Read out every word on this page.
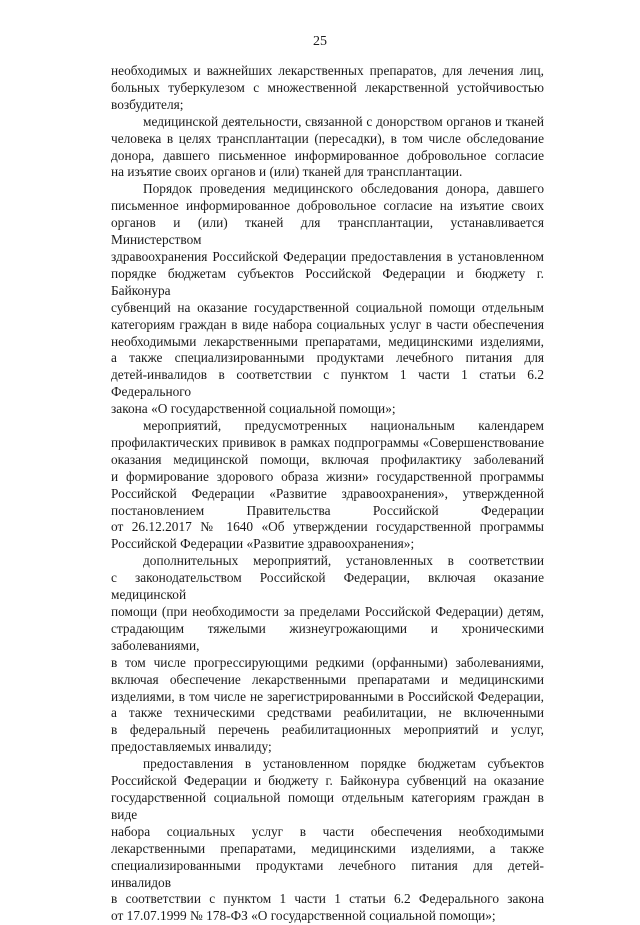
25
необходимых и важнейших лекарственных препаратов, для лечения лиц,
больных туберкулезом с множественной лекарственной устойчивостью
возбудителя;
медицинской деятельности, связанной с донорством органов и тканей
человека в целях трансплантации (пересадки), в том числе обследование
донора, давшего письменное информированное добровольное согласие
на изъятие своих органов и (или) тканей для трансплантации.
Порядок проведения медицинского обследования донора, давшего
письменное информированное добровольное согласие на изъятие своих
органов и (или) тканей для трансплантации, устанавливается Министерством
здравоохранения Российской Федерации предоставления в установленном
порядке бюджетам субъектов Российской Федерации и бюджету г. Байконура
субвенций на оказание государственной социальной помощи отдельным
категориям граждан в виде набора социальных услуг в части обеспечения
необходимыми лекарственными препаратами, медицинскими изделиями,
а также специализированными продуктами лечебного питания для
детей-инвалидов в соответствии с пунктом 1 части 1 статьи 6.2 Федерального
закона «О государственной социальной помощи»;
мероприятий, предусмотренных национальным календарем
профилактических прививок в рамках подпрограммы «Совершенствование
оказания медицинской помощи, включая профилактику заболеваний
и формирование здорового образа жизни» государственной программы
Российской Федерации «Развитие здравоохранения», утвержденной
постановлением Правительства Российской Федерации
от 26.12.2017 № 1640 «Об утверждении государственной программы
Российской Федерации «Развитие здравоохранения»;
дополнительных мероприятий, установленных в соответствии
с законодательством Российской Федерации, включая оказание медицинской
помощи (при необходимости за пределами Российской Федерации) детям,
страдающим тяжелыми жизнеугрожающими и хроническими заболеваниями,
в том числе прогрессирующими редкими (орфанными) заболеваниями,
включая обеспечение лекарственными препаратами и медицинскими
изделиями, в том числе не зарегистрированными в Российской Федерации,
а также техническими средствами реабилитации, не включенными
в федеральный перечень реабилитационных мероприятий и услуг,
предоставляемых инвалиду;
предоставления в установленном порядке бюджетам субъектов
Российской Федерации и бюджету г. Байконура субвенций на оказание
государственной социальной помощи отдельным категориям граждан в виде
набора социальных услуг в части обеспечения необходимыми
лекарственными препаратами, медицинскими изделиями, а также
специализированными продуктами лечебного питания для детей-инвалидов
в соответствии с пунктом 1 части 1 статьи 6.2 Федерального закона
от 17.07.1999 № 178-ФЗ «О государственной социальной помощи»;
